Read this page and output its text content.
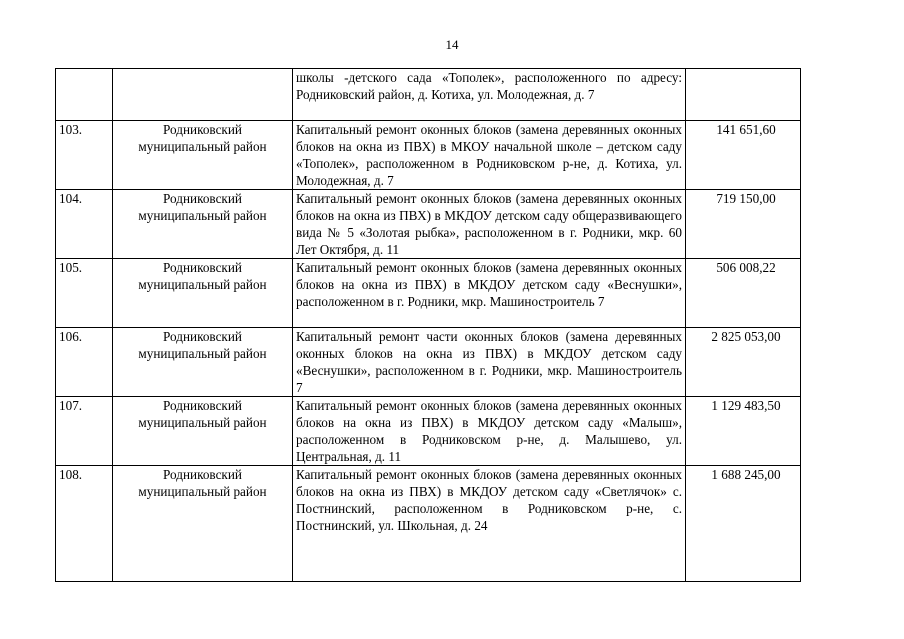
14
		школы -детского сада «Тополек», расположенного по адресу: Родниковский район, д. Котиха, ул. Молодежная, д. 7	
103.	Родниковский муниципальный район	Капитальный ремонт оконных блоков (замена деревянных оконных блоков на окна из ПВХ) в МКОУ начальной школе – детском саду «Тополек», расположенном в Родниковском р-не, д. Котиха, ул. Молодежная, д. 7	141 651,60
104.	Родниковский муниципальный район	Капитальный ремонт оконных блоков (замена деревянных оконных блоков на окна из ПВХ) в МКДОУ детском саду общеразвивающего вида № 5 «Золотая рыбка», расположенном в г. Родники, мкр. 60 Лет Октября, д. 11	719 150,00
105.	Родниковский муниципальный район	Капитальный ремонт оконных блоков (замена деревянных оконных блоков на окна из ПВХ) в МКДОУ детском саду «Веснушки», расположенном в г. Родники, мкр. Машиностроитель 7	506 008,22
106.	Родниковский муниципальный район	Капитальный ремонт части оконных блоков (замена деревянных оконных блоков на окна из ПВХ) в МКДОУ детском саду «Веснушки», расположенном в г. Родники, мкр. Машиностроитель 7	2 825 053,00
107.	Родниковский муниципальный район	Капитальный ремонт оконных блоков (замена деревянных оконных блоков на окна из ПВХ) в МКДОУ детском саду «Малыш», расположенном в Родниковском р-не, д. Малышево, ул. Центральная, д. 11	1 129 483,50
108.	Родниковский муниципальный район	Капитальный ремонт оконных блоков (замена деревянных оконных блоков на окна из ПВХ) в МКДОУ детском саду «Светлячок» с. Постнинский, расположенном в Родниковском р-не, с. Постнинский, ул. Школьная, д. 24	1 688 245,00
